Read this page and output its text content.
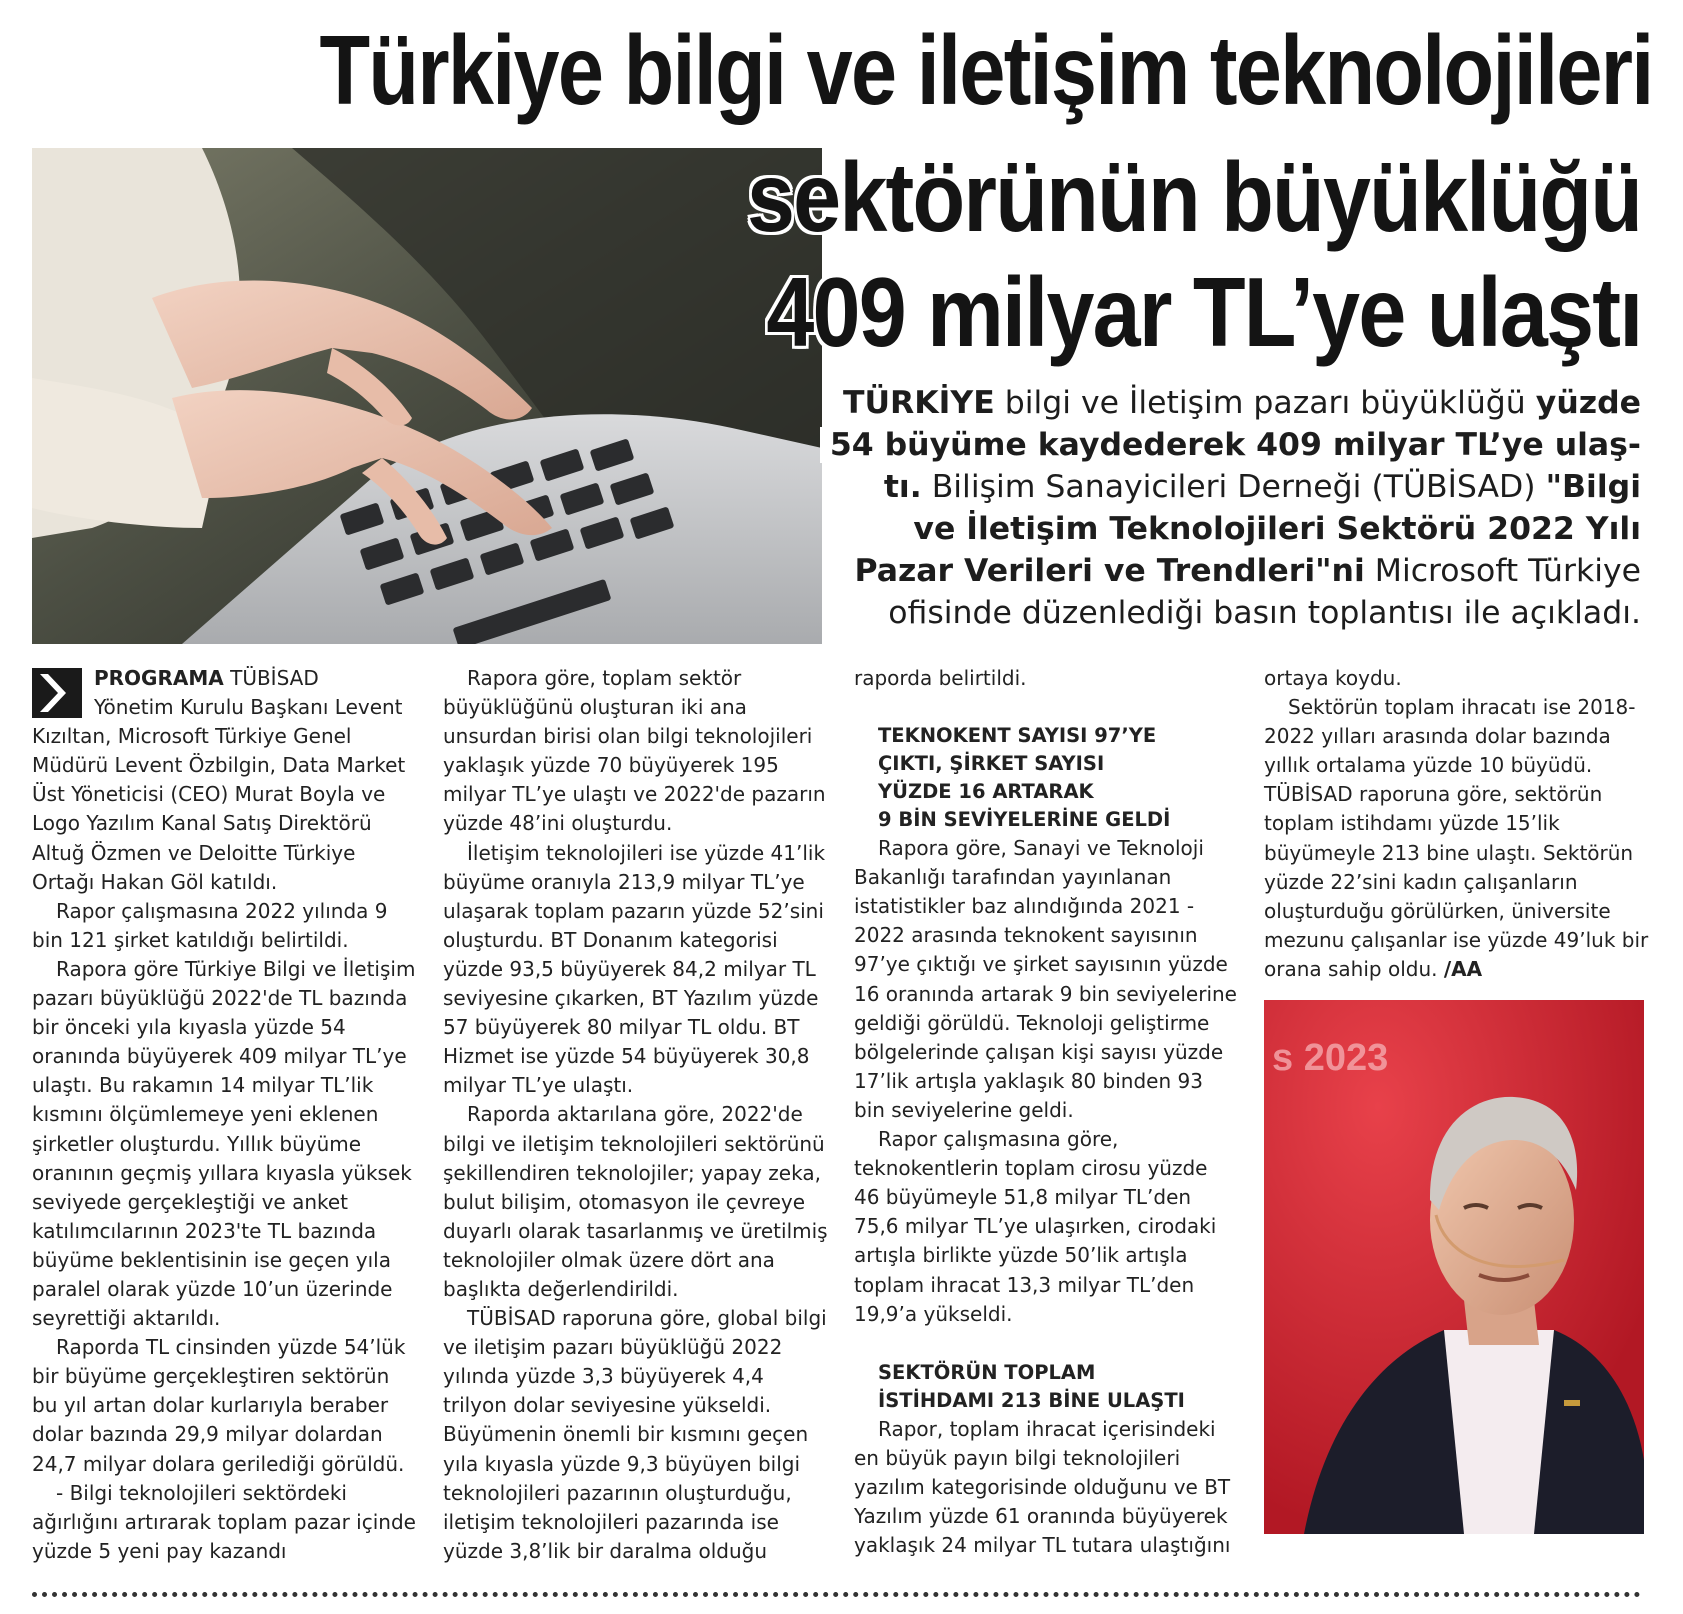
Türkiye bilgi ve iletişim teknolojileri
sektörünün büyüklüğü
409 milyar TL’ye ulaştı
TÜRKİYE bilgi ve İletişim pazarı büyüklüğü yüzde
54 büyüme kaydederek 409 milyar TL’ye ulaş-
tı. Bilişim Sanayicileri Derneği (TÜBİSAD) "Bilgi
ve İletişim Teknolojileri Sektörü 2022 Yılı
Pazar Verileri ve Trendleri"ni Microsoft Türkiye
ofisinde düzenlediği basın toplantısı ile açıkladı.

PROGRAMA TÜBİSAD

Yönetim Kurulu Başkanı Levent

Kızıltan, Microsoft Türkiye Genel

Müdürü Levent Özbilgin, Data Market

Üst Yöneticisi (CEO) Murat Boyla ve

Logo Yazılım Kanal Satış Direktörü

Altuğ Özmen ve Deloitte Türkiye

Ortağı Hakan Göl katıldı.

Rapor çalışmasına 2022 yılında 9 bin 121 şirket katıldığı belirtildi.

Rapora göre Türkiye Bilgi ve İletişim pazarı büyüklüğü 2022'de TL bazında bir önceki yıla kıyasla yüzde 54 oranında büyüyerek 409 milyar TL’ye ulaştı. Bu rakamın 14 milyar TL’lik kısmını ölçümlemeye yeni eklenen şirketler oluşturdu. Yıllık büyüme oranının geçmiş yıllara kıyasla yüksek seviyede gerçekleştiği ve anket katılımcılarının 2023'te TL bazında büyüme beklentisinin ise geçen yıla paralel olarak yüzde 10’un üzerinde seyrettiği aktarıldı.

Raporda TL cinsinden yüzde 54’lük bir büyüme gerçekleştiren sektörün bu yıl artan dolar kurlarıyla beraber dolar bazında 29,9 milyar dolardan 24,7 milyar dolara gerilediği görüldü.

- Bilgi teknolojileri sektördeki ağırlığını artırarak toplam pazar içinde yüzde 5 yeni pay kazandı

Rapora göre, toplam sektör büyüklüğünü oluşturan iki ana unsurdan birisi olan bilgi teknolojileri yaklaşık yüzde 70 büyüyerek 195 milyar TL’ye ulaştı ve 2022'de pazarın yüzde 48’ini oluşturdu.

İletişim teknolojileri ise yüzde 41’lik büyüme oranıyla 213,9 milyar TL’ye ulaşarak toplam pazarın yüzde 52’sini oluşturdu. BT Donanım kategorisi yüzde 93,5 büyüyerek 84,2 milyar TL seviyesine çıkarken, BT Yazılım yüzde 57 büyüyerek 80 milyar TL oldu. BT Hizmet ise yüzde 54 büyüyerek 30,8 milyar TL’ye ulaştı.

Raporda aktarılana göre, 2022'de bilgi ve iletişim teknolojileri sektörünü şekillendiren teknolojiler; yapay zeka, bulut bilişim, otomasyon ile çevreye duyarlı olarak tasarlanmış ve üretilmiş teknolojiler olmak üzere dört ana başlıkta değerlendirildi.

TÜBİSAD raporuna göre, global bilgi ve iletişim pazarı büyüklüğü 2022 yılında yüzde 3,3 büyüyerek 4,4 trilyon dolar seviyesine yükseldi. Büyümenin önemli bir kısmını geçen yıla kıyasla yüzde 9,3 büyüyen bilgi teknolojileri pazarının oluşturduğu, iletişim teknolojileri pazarında ise yüzde 3,8’lik bir daralma olduğu

raporda belirtildi.

TEKNOKENT SAYISI 97’YE
ÇIKTI, ŞİRKET SAYISI
YÜZDE 16 ARTARAK
9 BİN SEVİYELERİNE GELDİ

Rapora göre, Sanayi ve Teknoloji Bakanlığı tarafından yayınlanan istatistikler baz alındığında 2021 - 2022 arasında teknokent sayısının 97’ye çıktığı ve şirket sayısının yüzde 16 oranında artarak 9 bin seviyelerine geldiği görüldü. Teknoloji geliştirme bölgelerinde çalışan kişi sayısı yüzde 17’lik artışla yaklaşık 80 binden 93 bin seviyelerine geldi.

Rapor çalışmasına göre, teknokentlerin toplam cirosu yüzde 46 büyümeyle 51,8 milyar TL’den 75,6 milyar TL’ye ulaşırken, cirodaki artışla birlikte yüzde 50’lik artışla toplam ihracat 13,3 milyar TL’den 19,9’a yükseldi.

SEKTÖRÜN TOPLAM
İSTİHDAMI 213 BİNE ULAŞTI

Rapor, toplam ihracat içerisindeki en büyük payın bilgi teknolojileri yazılım kategorisinde olduğunu ve BT Yazılım yüzde 61 oranında büyüyerek yaklaşık 24 milyar TL tutara ulaştığını

ortaya koydu.

Sektörün toplam ihracatı ise 2018-2022 yılları arasında dolar bazında yıllık ortalama yüzde 10 büyüdü. TÜBİSAD raporuna göre, sektörün toplam istihdamı yüzde 15’lik büyümeyle 213 bine ulaştı. Sektörün yüzde 22’sini kadın çalışanların oluşturduğu görülürken, üniversite mezunu çalışanlar ise yüzde 49’luk bir orana sahip oldu. /AA

s 2023
